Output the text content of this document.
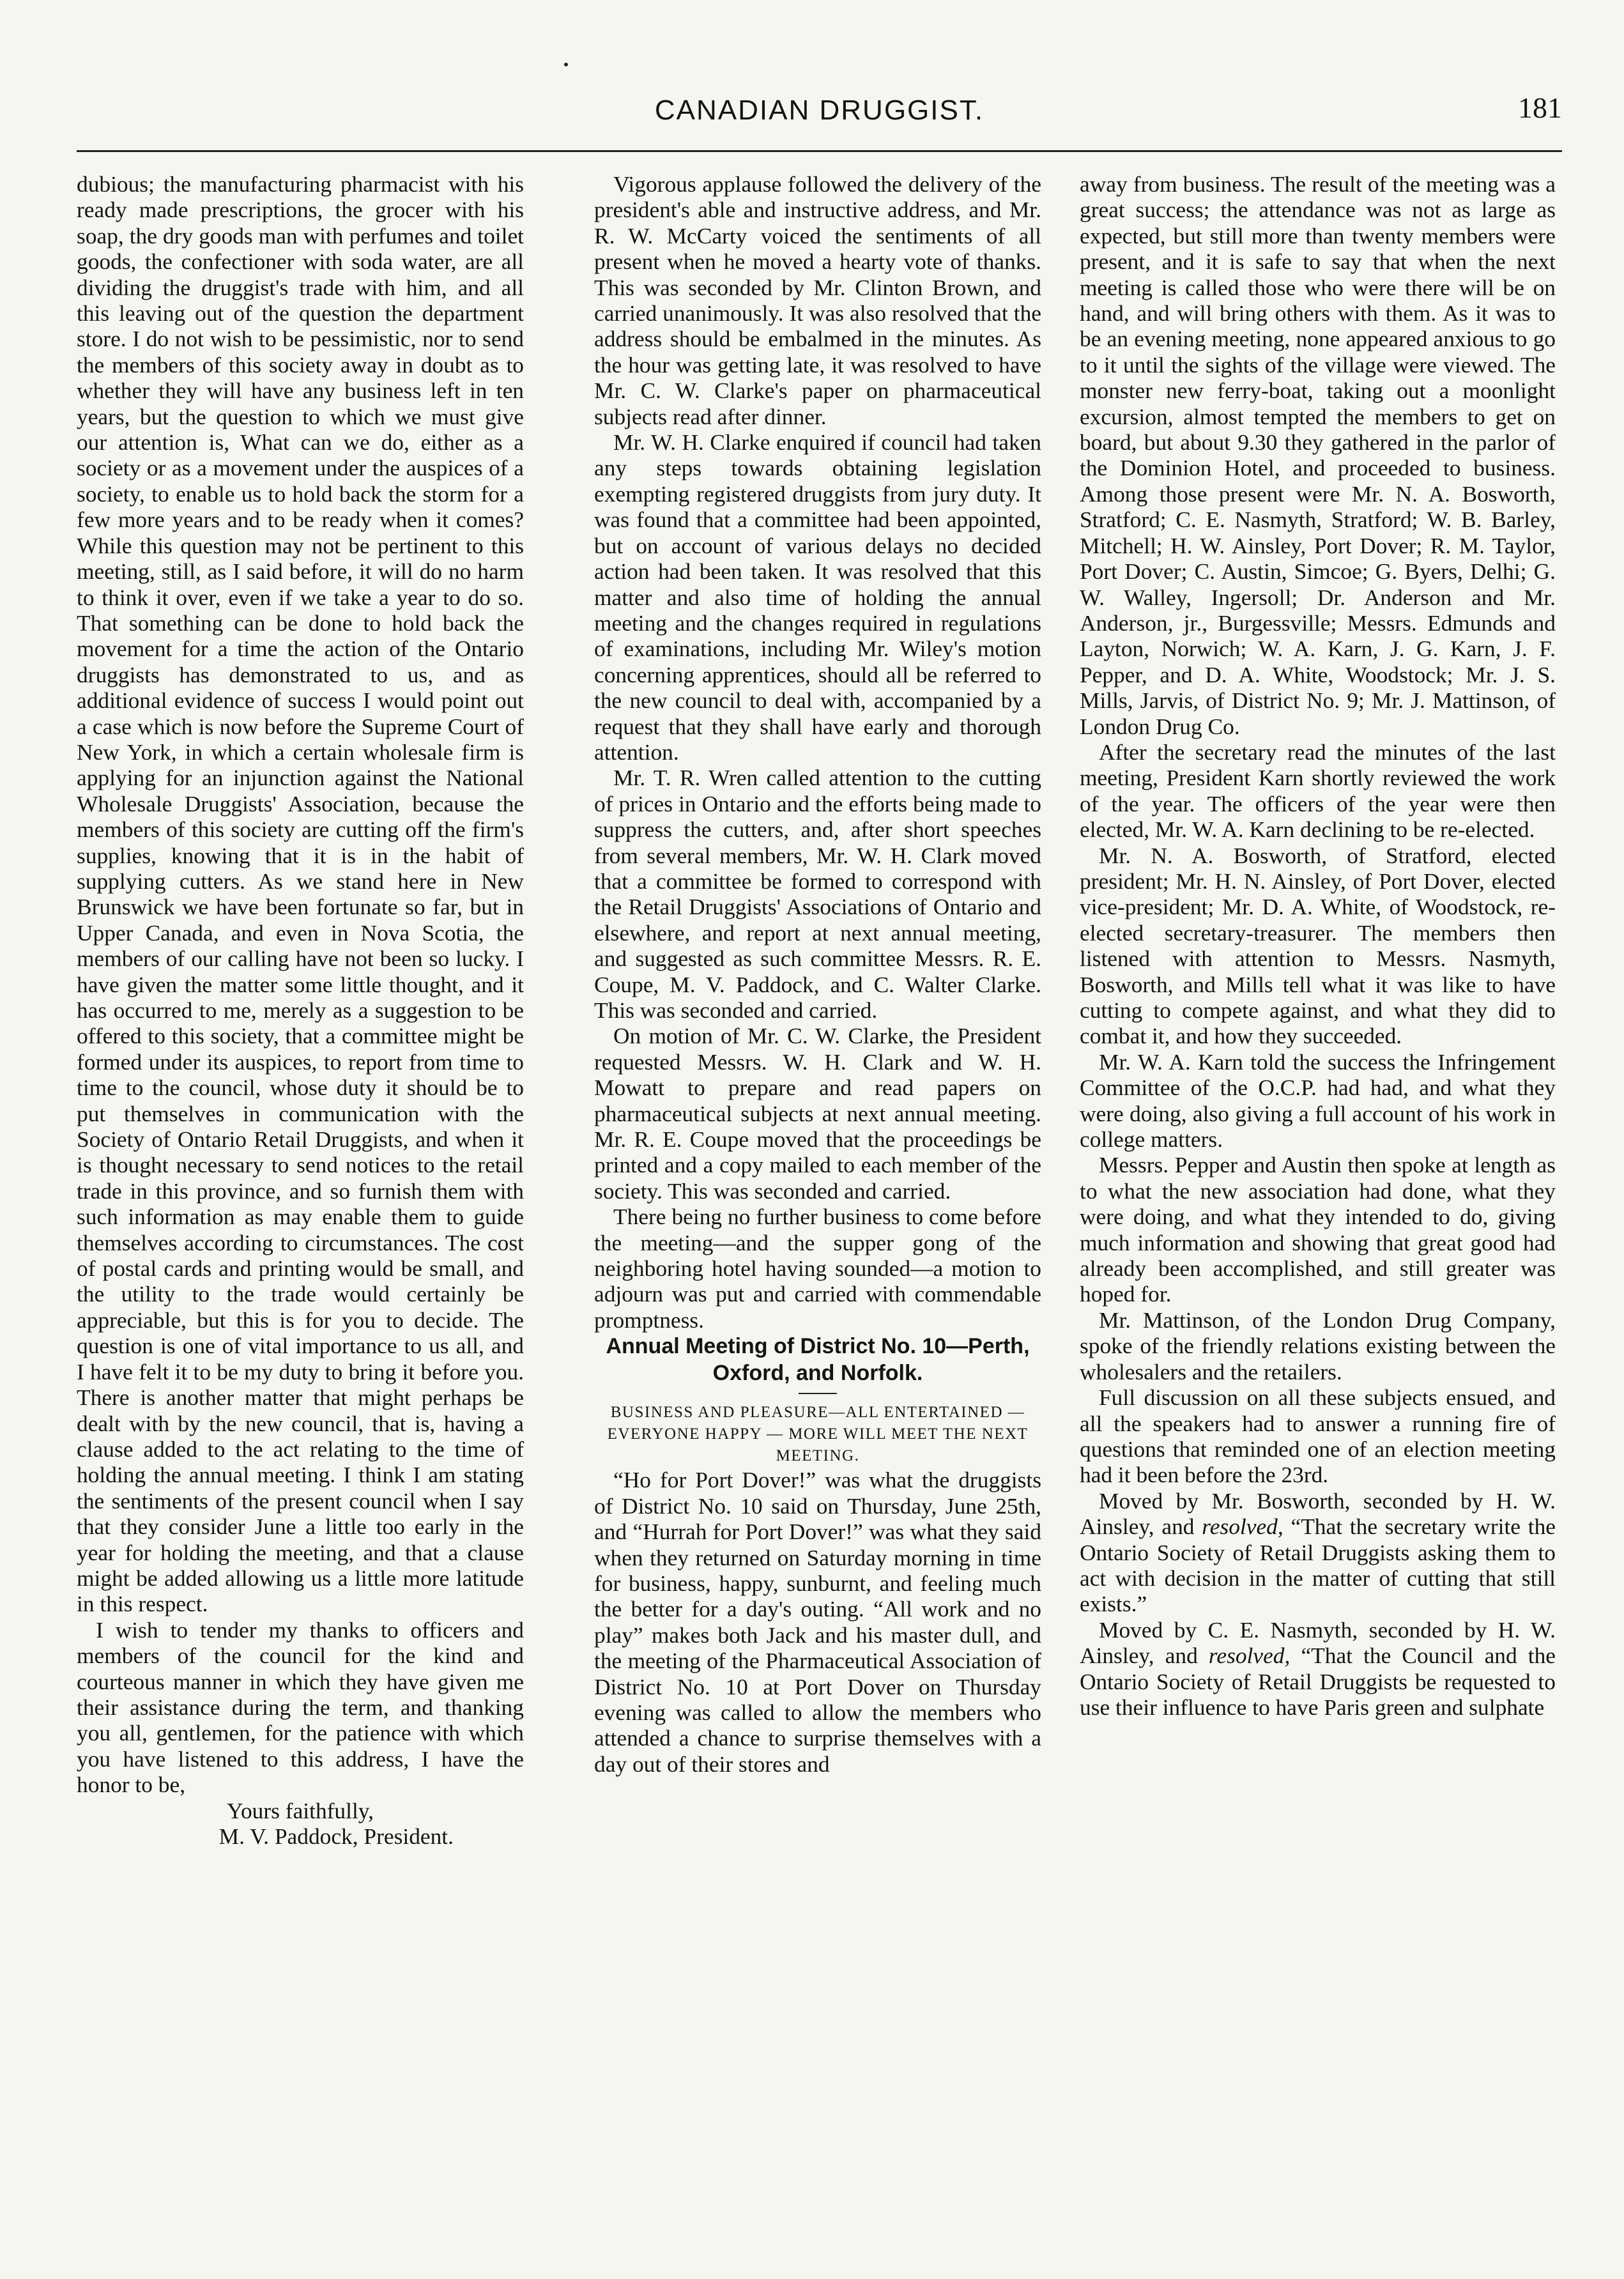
CANADIAN DRUGGIST.	181

dubious; the manufacturing pharmacist with his ready made prescriptions, the grocer with his soap, the dry goods man with perfumes and toilet goods, the confectioner with soda water, are all dividing the druggist's trade with him, and all this leaving out of the question the department store. I do not wish to be pessimistic, nor to send the members of this society away in doubt as to whether they will have any business left in ten years, but the question to which we must give our attention is, What can we do, either as a society or as a movement under the auspices of a society, to enable us to hold back the storm for a few more years and to be ready when it comes? While this question may not be pertinent to this meeting, still, as I said before, it will do no harm to think it over, even if we take a year to do so. That something can be done to hold back the movement for a time the action of the Ontario druggists has demonstrated to us, and as additional evidence of success I would point out a case which is now before the Supreme Court of New York, in which a certain wholesale firm is applying for an injunction against the National Wholesale Druggists' Association, because the members of this society are cutting off the firm's supplies, knowing that it is in the habit of supplying cutters. As we stand here in New Brunswick we have been fortunate so far, but in Upper Canada, and even in Nova Scotia, the members of our calling have not been so lucky. I have given the matter some little thought, and it has occurred to me, merely as a suggestion to be offered to this society, that a committee might be formed under its auspices, to report from time to time to the council, whose duty it should be to put themselves in communication with the Society of Ontario Retail Druggists, and when it is thought necessary to send notices to the retail trade in this province, and so furnish them with such information as may enable them to guide themselves according to circumstances. The cost of postal cards and printing would be small, and the utility to the trade would certainly be appreciable, but this is for you to decide. The question is one of vital importance to us all, and I have felt it to be my duty to bring it before you. There is another matter that might perhaps be dealt with by the new council, that is, having a clause added to the act relating to the time of holding the annual meeting. I think I am stating the sentiments of the present council when I say that they consider June a little too early in the year for holding the meeting, and that a clause might be added allowing us a little more latitude in this respect.

I wish to tender my thanks to officers and members of the council for the kind and courteous manner in which they have given me their assistance during the term, and thanking you all, gentlemen, for the patience with which you have listened to this address, I have the honor to be,

Yours faithfully,

M. V. Paddock, President.

Vigorous applause followed the delivery of the president's able and instructive address, and Mr. R. W. McCarty voiced the sentiments of all present when he moved a hearty vote of thanks. This was seconded by Mr. Clinton Brown, and carried unanimously. It was also resolved that the address should be embalmed in the minutes. As the hour was getting late, it was resolved to have Mr. C. W. Clarke's paper on pharmaceutical subjects read after dinner.

Mr. W. H. Clarke enquired if council had taken any steps towards obtaining legislation exempting registered druggists from jury duty. It was found that a committee had been appointed, but on account of various delays no decided action had been taken. It was resolved that this matter and also time of holding the annual meeting and the changes required in regulations of examinations, including Mr. Wiley's motion concerning apprentices, should all be referred to the new council to deal with, accompanied by a request that they shall have early and thorough attention.

Mr. T. R. Wren called attention to the cutting of prices in Ontario and the efforts being made to suppress the cutters, and, after short speeches from several members, Mr. W. H. Clark moved that a committee be formed to correspond with the Retail Druggists' Associations of Ontario and elsewhere, and report at next annual meeting, and suggested as such committee Messrs. R. E. Coupe, M. V. Paddock, and C. Walter Clarke. This was seconded and carried.

On motion of Mr. C. W. Clarke, the President requested Messrs. W. H. Clark and W. H. Mowatt to prepare and read papers on pharmaceutical subjects at next annual meeting. Mr. R. E. Coupe moved that the proceedings be printed and a copy mailed to each member of the society. This was seconded and carried.

There being no further business to come before the meeting—and the supper gong of the neighboring hotel having sounded—a motion to adjourn was put and carried with commendable promptness.

Annual Meeting of District No. 10—Perth, Oxford, and Norfolk.

BUSINESS AND PLEASURE—ALL ENTERTAINED — EVERYONE HAPPY — MORE WILL MEET THE NEXT MEETING.

“Ho for Port Dover!” was what the druggists of District No. 10 said on Thursday, June 25th, and “Hurrah for Port Dover!” was what they said when they returned on Saturday morning in time for business, happy, sunburnt, and feeling much the better for a day's outing. “All work and no play” makes both Jack and his master dull, and the meeting of the Pharmaceutical Association of District No. 10 at Port Dover on Thursday evening was called to allow the members who attended a chance to surprise themselves with a day out of their stores and

away from business. The result of the meeting was a great success; the attendance was not as large as expected, but still more than twenty members were present, and it is safe to say that when the next meeting is called those who were there will be on hand, and will bring others with them. As it was to be an evening meeting, none appeared anxious to go to it until the sights of the village were viewed. The monster new ferry-boat, taking out a moonlight excursion, almost tempted the members to get on board, but about 9.30 they gathered in the parlor of the Dominion Hotel, and proceeded to business. Among those present were Mr. N. A. Bosworth, Stratford; C. E. Nasmyth, Stratford; W. B. Barley, Mitchell; H. W. Ainsley, Port Dover; R. M. Taylor, Port Dover; C. Austin, Simcoe; G. Byers, Delhi; G. W. Walley, Ingersoll; Dr. Anderson and Mr. Anderson, jr., Burgessville; Messrs. Edmunds and Layton, Norwich; W. A. Karn, J. G. Karn, J. F. Pepper, and D. A. White, Woodstock; Mr. J. S. Mills, Jarvis, of District No. 9; Mr. J. Mattinson, of London Drug Co.

After the secretary read the minutes of the last meeting, President Karn shortly reviewed the work of the year. The officers of the year were then elected, Mr. W. A. Karn declining to be re-elected.

Mr. N. A. Bosworth, of Stratford, elected president; Mr. H. N. Ainsley, of Port Dover, elected vice-president; Mr. D. A. White, of Woodstock, re-elected secretary-treasurer. The members then listened with attention to Messrs. Nasmyth, Bosworth, and Mills tell what it was like to have cutting to compete against, and what they did to combat it, and how they succeeded.

Mr. W. A. Karn told the success the Infringement Committee of the O.C.P. had had, and what they were doing, also giving a full account of his work in college matters.

Messrs. Pepper and Austin then spoke at length as to what the new association had done, what they were doing, and what they intended to do, giving much information and showing that great good had already been accomplished, and still greater was hoped for.

Mr. Mattinson, of the London Drug Company, spoke of the friendly relations existing between the wholesalers and the retailers.

Full discussion on all these subjects ensued, and all the speakers had to answer a running fire of questions that reminded one of an election meeting had it been before the 23rd.

Moved by Mr. Bosworth, seconded by H. W. Ainsley, and resolved, “That the secretary write the Ontario Society of Retail Druggists asking them to act with decision in the matter of cutting that still exists.”

Moved by C. E. Nasmyth, seconded by H. W. Ainsley, and resolved, “That the Council and the Ontario Society of Retail Druggists be requested to use their influence to have Paris green and sulphate
